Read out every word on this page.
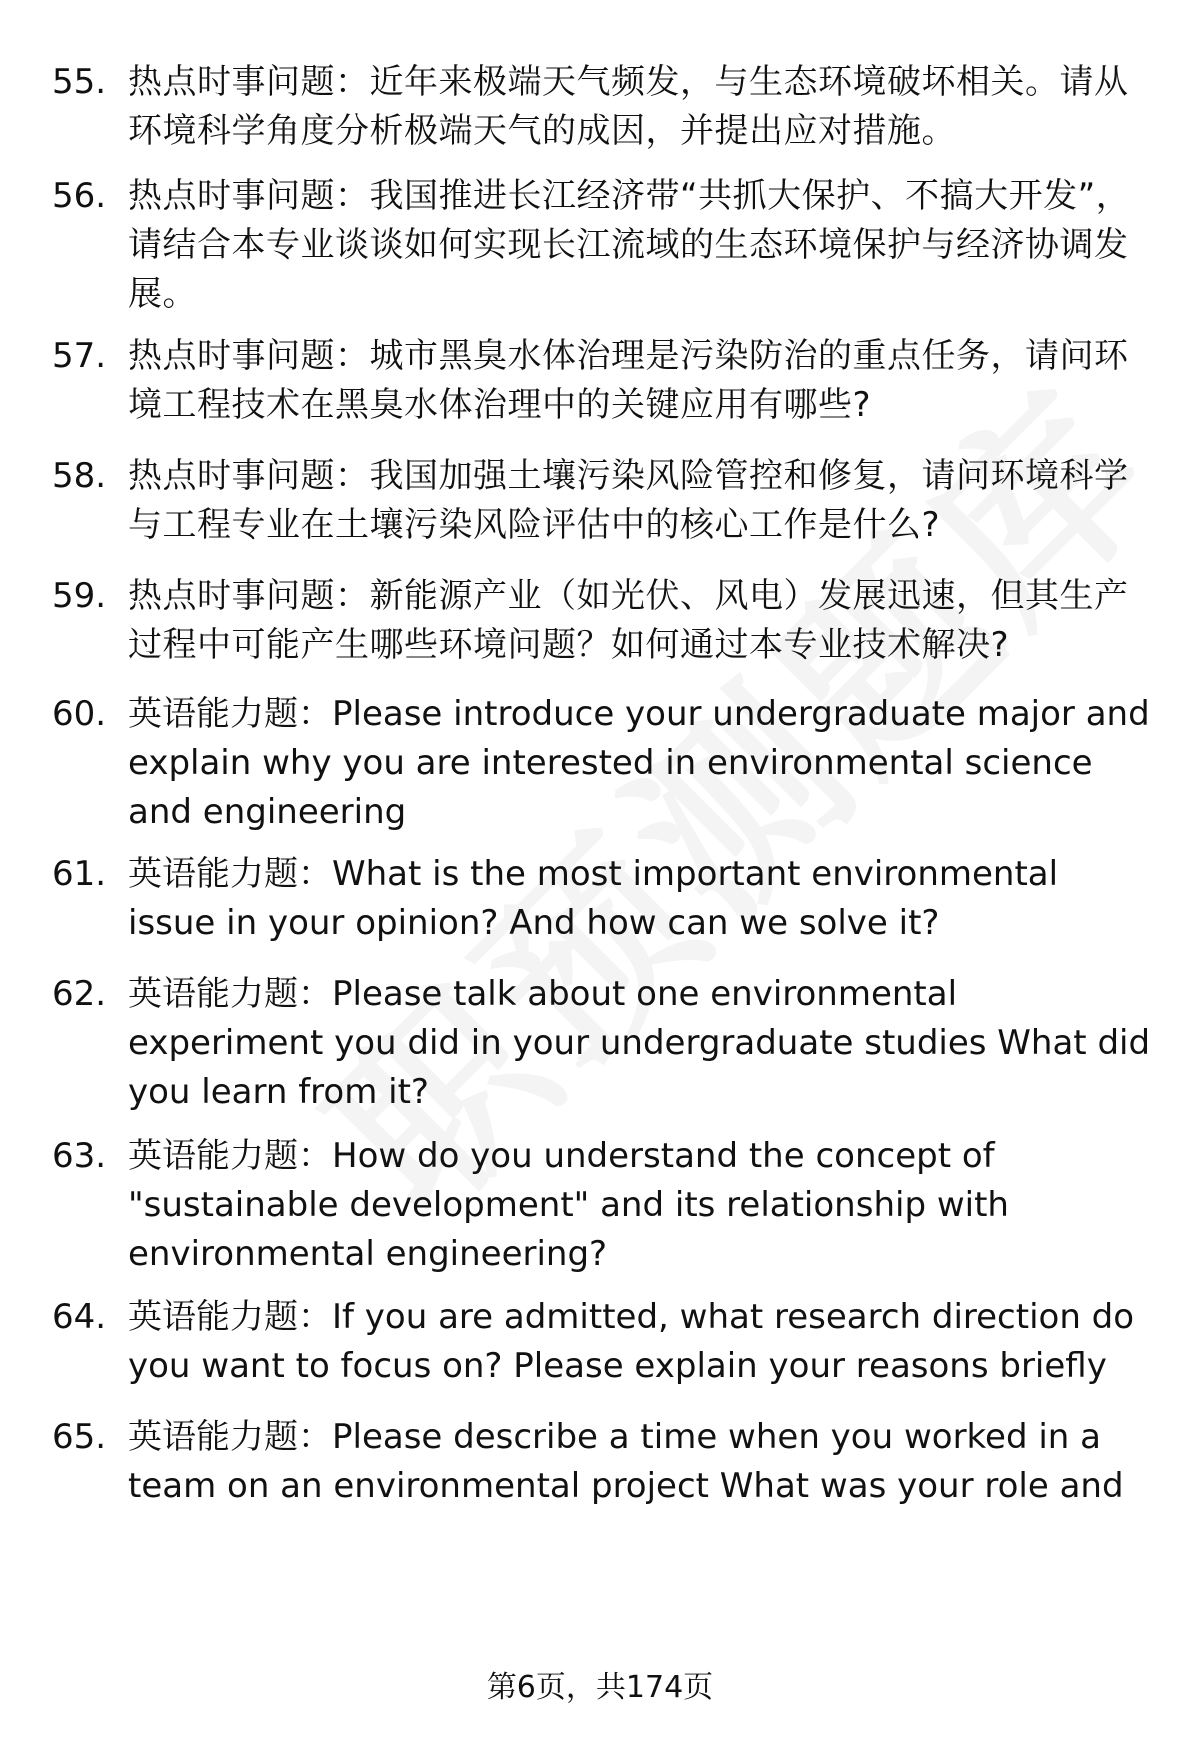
55. 热点时事问题：近年来极端天气频发，与生态环境破坏相关。请从环境科学角度分析极端天气的成因，并提出应对措施。
56. 热点时事问题：我国推进长江经济带“共抓大保护、不搞大开发”，请结合本专业谈谈如何实现长江流域的生态环境保护与经济协调发展。
57. 热点时事问题：城市黑臭水体治理是污染防治的重点任务，请问环境工程技术在黑臭水体治理中的关键应用有哪些?
58. 热点时事问题：我国加强土壤污染风险管控和修复，请问环境科学与工程专业在土壤污染风险评估中的核心工作是什么?
59. 热点时事问题：新能源产业（如光伏、风电）发展迅速，但其生产过程中可能产生哪些环境问题？如何通过本专业技术解决?
60. 英语能力题：Please introduce your undergraduate major and explain why you are interested in environmental science and engineering
61. 英语能力题：What is the most important environmental issue in your opinion? And how can we solve it?
62. 英语能力题：Please talk about one environmental experiment you did in your undergraduate studies What did you learn from it?
63. 英语能力题：How do you understand the concept of "sustainable development" and its relationship with environmental engineering?
64. 英语能力题：If you are admitted, what research direction do you want to focus on? Please explain your reasons briefly
65. 英语能力题：Please describe a time when you worked in a team on an environmental project What was your role and
第6页，共174页
